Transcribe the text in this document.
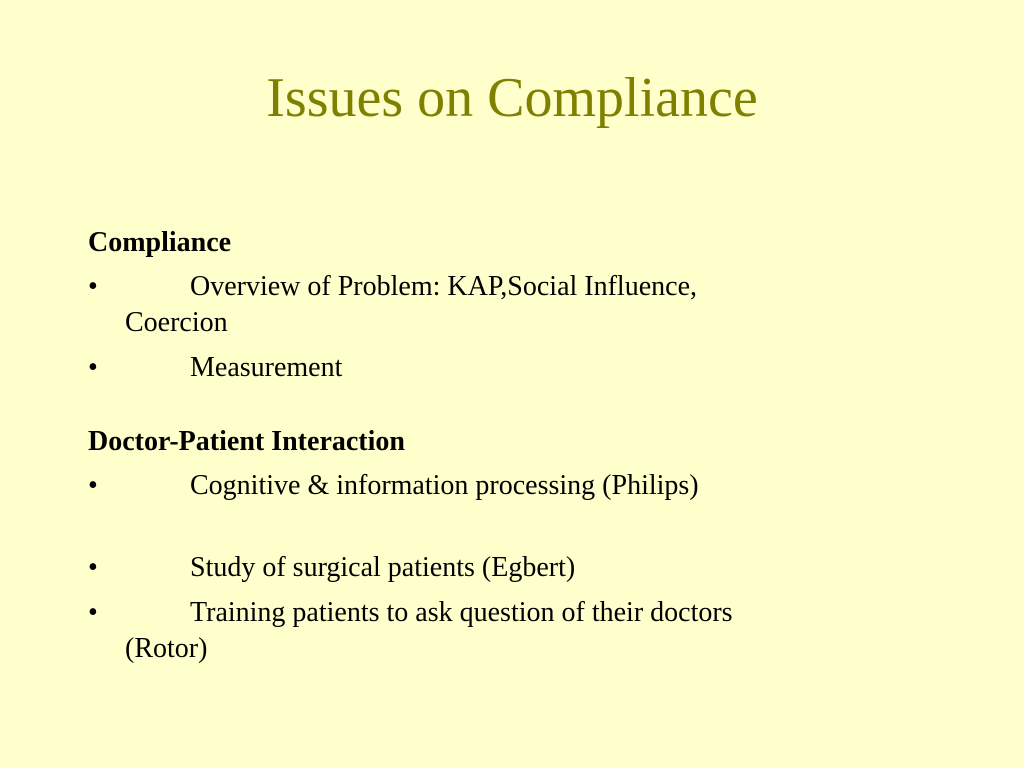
Issues on Compliance
Compliance
•	Overview of Problem: KAP,Social Influence,
Coercion
•	Measurement
Doctor-Patient Interaction
•	Cognitive & information processing (Philips)
•	Study of surgical patients (Egbert)
•	Training patients to ask question of their doctors
(Rotor)
